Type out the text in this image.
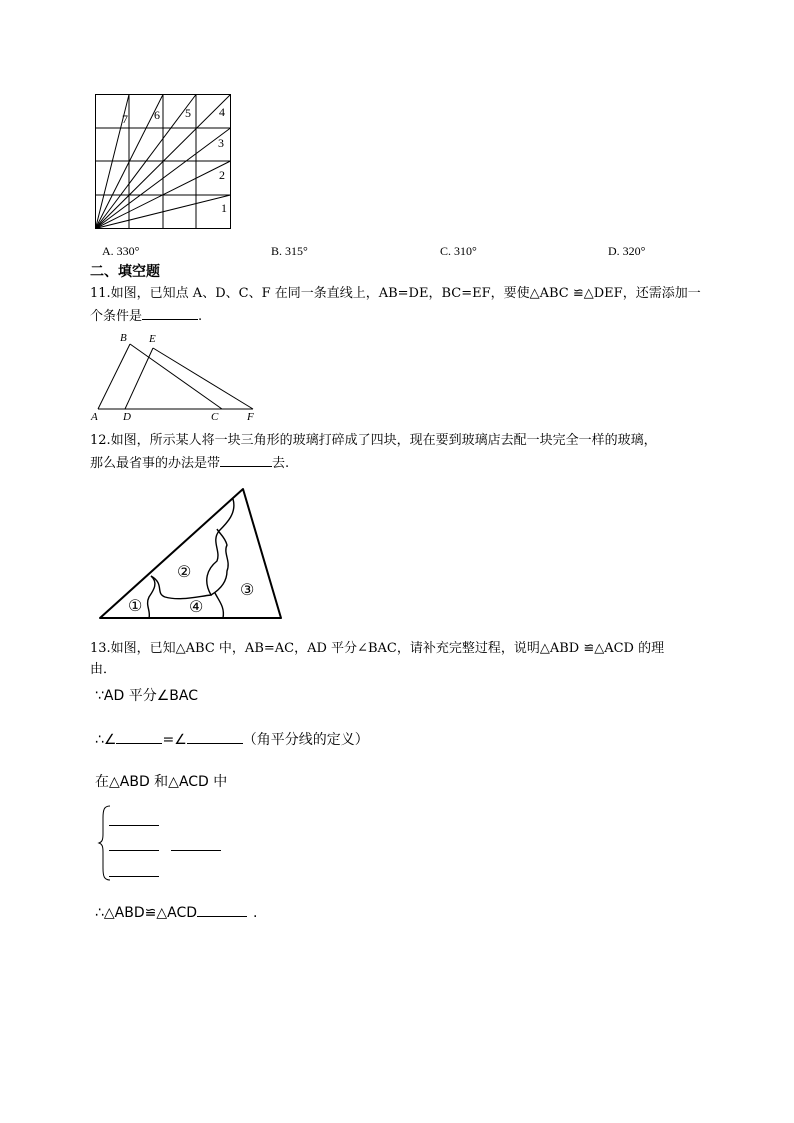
1
2
3
4
5
6
7
A. 330°	B. 315°	C. 310°	D. 320°
二、填空题
11.如图，已知点 A、D、C、F 在同一条直线上，AB=DE，BC=EF，要使△ABC ≌△DEF，还需添加一
个条件是	.
B E
A D	C	F
12.如图，所示某人将一块三角形的玻璃打碎成了四块，现在要到玻璃店去配一块完全一样的玻璃，
那么最省事的办法是带	去.
①
②
③
④
13.如图，已知△ABC 中，AB=AC，AD 平分∠BAC，请补充完整过程，说明△ABD ≌△ACD 的理
由．
∵AD 平分∠BAC
∴∠	=∠	（角平分线的定义）
在△ABD 和△ACD 中
∴△ABD≌△ACD	.
